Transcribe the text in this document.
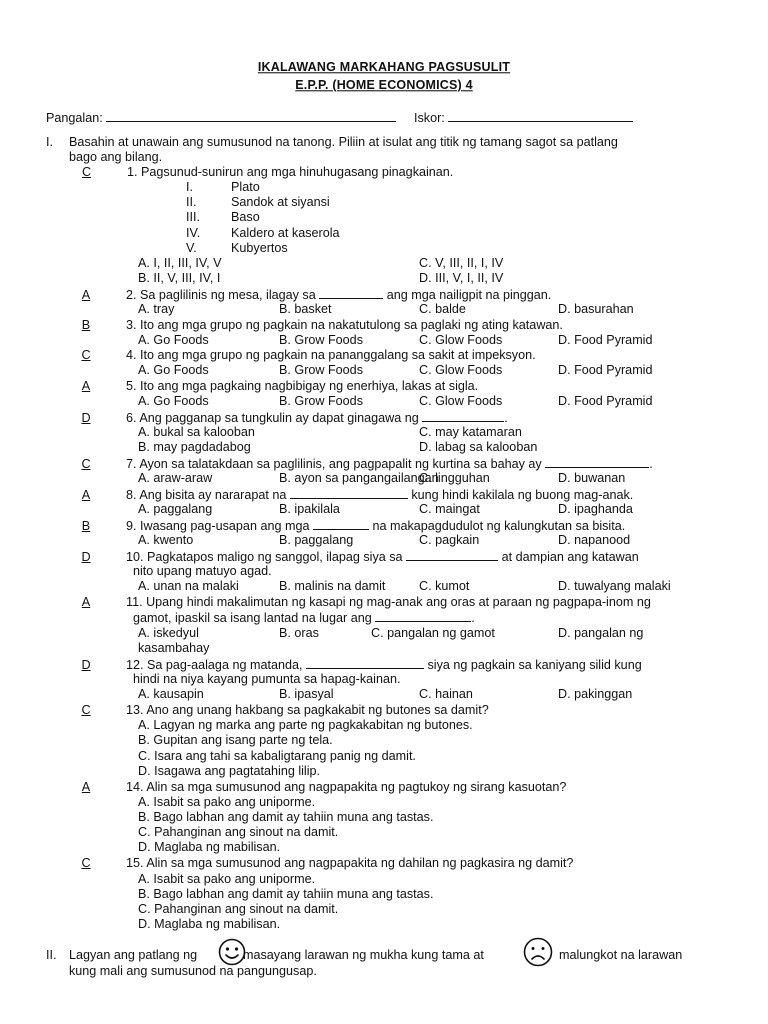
IKALAWANG MARKAHANG PAGSUSULIT
E.P.P. (HOME ECONOMICS) 4
Pangalan:	Iskor:
I. Basahin at unawain ang sumusunod na tanong. Piliin at isulat ang titik ng tamang sagot sa patlang
bago ang bilang.
C	1. Pagsunud-sunirun ang mga hinuhugasang pinagkainan.
I.	Plato
II.	Sandok at siyansi
III. Baso
IV. Kaldero at kaserola
V.	Kubyertos
A. I, II, III, IV, V	C. V, III, II, I, IV
B. II, V, III, IV, I	D. III, V, I, II, IV
A	2. Sa paglilinis ng mesa, ilagay sa	ang mga nailigpit na pinggan.
A. tray	B. basket	C. balde	D. basurahan
B	3. Ito ang mga grupo ng pagkain na nakatutulong sa paglaki ng ating katawan.
A. Go Foods	B. Grow Foods	C. Glow Foods	D. Food Pyramid
C	4. Ito ang mga grupo ng pagkain na pananggalang sa sakit at impeksyon.
A. Go Foods	B. Grow Foods	C. Glow Foods	D. Food Pyramid
A	5. Ito ang mga pagkaing nagbibigay ng enerhiya, lakas at sigla.
A. Go Foods	B. Grow Foods	C. Glow Foods	D. Food Pyramid
D	6. Ang pagganap sa tungkulin ay dapat ginagawa ng	.
A. bukal sa kalooban	C. may katamaran
B. may pagdadabog	D. labag sa kalooban
C	7. Ayon sa talatakdaan sa paglilinis, ang pagpapalit ng kurtina sa bahay ay	.
A. araw-araw	B. ayon sa pangangailangan
C. lingguhan	D. buwanan
A	8. Ang bisita ay nararapat na	kung hindi kakilala ng buong mag-anak.
A. paggalang	B. ipakilala	C. maingat	D. ipaghanda
B	9. Iwasang pag-usapan ang mga	na makapagdudulot ng kalungkutan sa bisita.
A. kwento	B. paggalang	C. pagkain	D. napanood
D	10. Pagkatapos maligo ng sanggol, ilapag siya sa	at dampian ang katawan
nito upang matuyo agad.
A. unan na malaki	B. malinis na damit	C. kumot	D. tuwalyang malaki
A	11. Upang hindi makalimutan ng kasapi ng mag-anak ang oras at paraan ng pagpapa-inom ng
gamot, ipaskil sa isang lantad na lugar ang	.
A. iskedyul	B. oras	C. pangalan ng gamot	D. pangalan ng
kasambahay
D	12. Sa pag-aalaga ng matanda,	siya ng pagkain sa kaniyang silid kung
hindi na niya kayang pumunta sa hapag-kainan.
A. kausapin	B. ipasyal	C. hainan	D. pakinggan
C	13. Ano ang unang hakbang sa pagkakabit ng butones sa damit?
A. Lagyan ng marka ang parte ng pagkakabitan ng butones.
B. Gupitan ang isang parte ng tela.
C. Isara ang tahi sa kabaligtarang panig ng damit.
D. Isagawa ang pagtatahing lilip.
A	14. Alin sa mga sumusunod ang nagpapakita ng pagtukoy ng sirang kasuotan?
A. Isabit sa pako ang uniporme.
B. Bago labhan ang damit ay tahiin muna ang tastas.
C. Pahanginan ang sinout na damit.
D. Maglaba ng mabilisan.
C	15. Alin sa mga sumusunod ang nagpapakita ng dahilan ng pagkasira ng damit?
A. Isabit sa pako ang uniporme.
B. Bago labhan ang damit ay tahiin muna ang tastas.
C. Pahanginan ang sinout na damit.
D. Maglaba ng mabilisan.
II. Lagyan ang patlang ng	masayang larawan ng mukha kung tama at	malungkot na larawan
kung mali ang sumusunod na pangungusap.
